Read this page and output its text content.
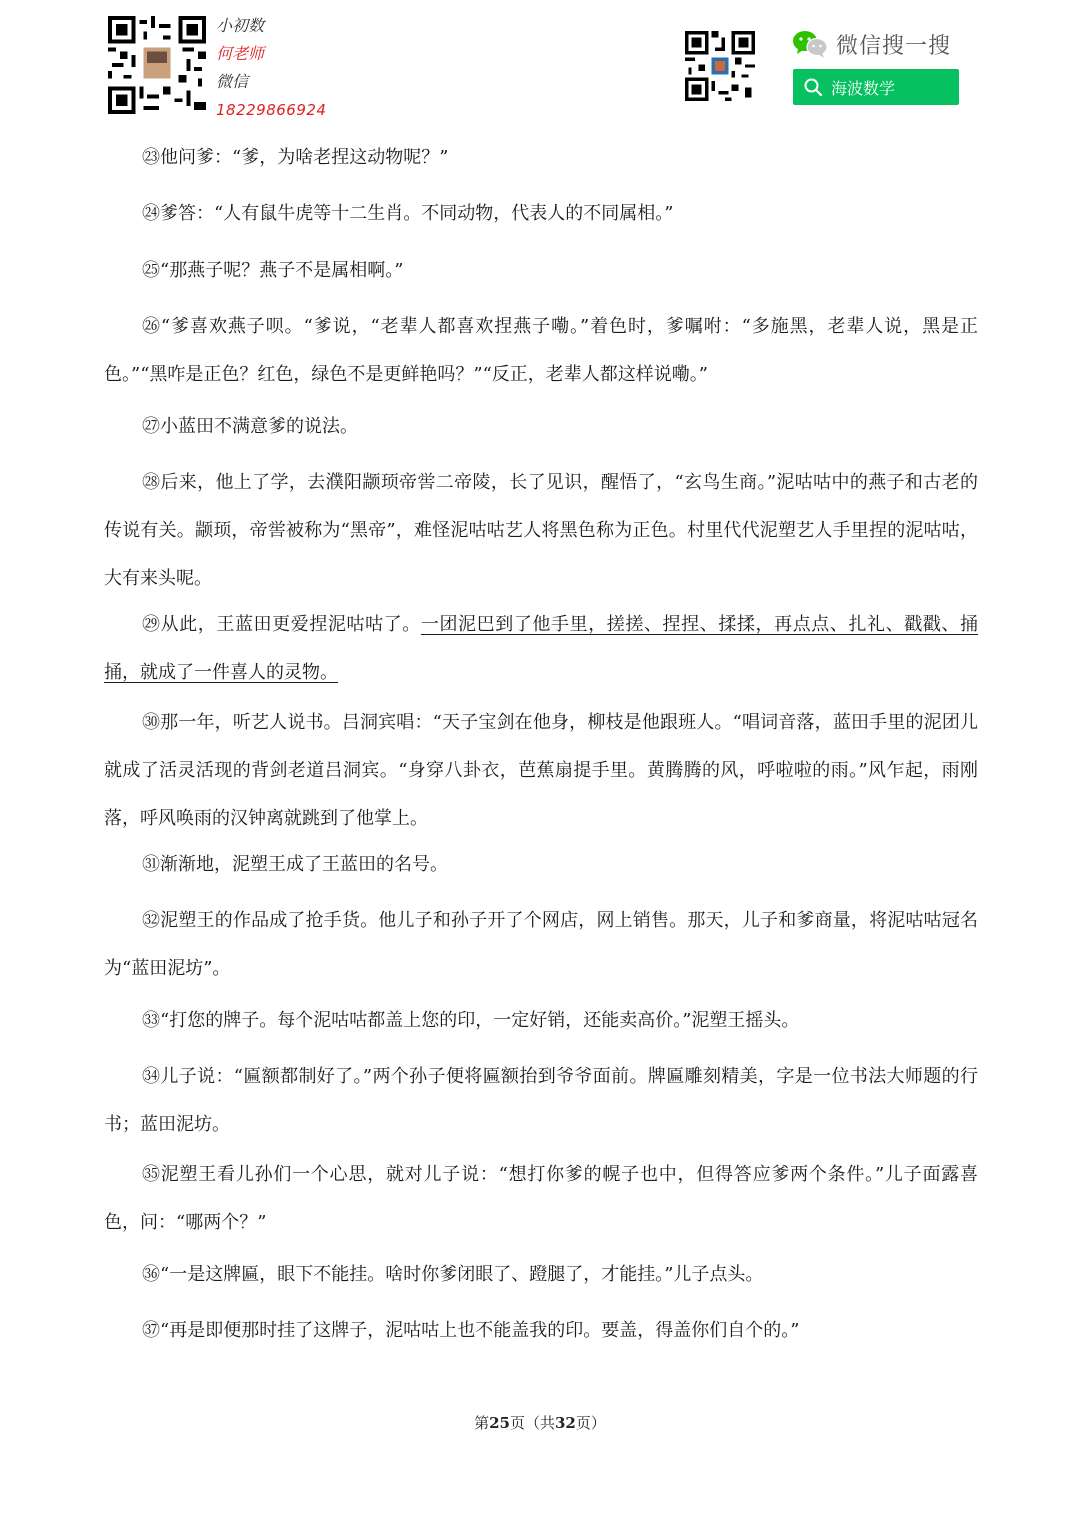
小初数
何老师
微信
18229866924
微信搜一搜
海波数学

㉓他问爹：“爹，为啥老捏这动物呢？”

㉔爹答：“人有鼠牛虎等十二生肖。不同动物，代表人的不同属相。”

㉕“那燕子呢？燕子不是属相啊。”

㉖“爹喜欢燕子呗。“爹说，“老辈人都喜欢捏燕子嘞。”着色时，爹嘱咐：“多施黑，老辈人说，黑是正色。”“黑咋是正色？红色，绿色不是更鲜艳吗？”“反正，老辈人都这样说嘞。”

㉗小蓝田不满意爹的说法。

㉘后来，他上了学，去濮阳颛顼帝喾二帝陵，长了见识，醒悟了，“玄鸟生商。”泥咕咕中的燕子和古老的传说有关。颛顼，帝喾被称为“黑帝”，难怪泥咕咕艺人将黑色称为正色。村里代代泥塑艺人手里捏的泥咕咕，大有来头呢。

㉙从此，王蓝田更爱捏泥咕咕了。一团泥巴到了他手里，搓搓、捏捏、揉揉，再点点、扎礼、戳戳、捅捅，就成了一件喜人的灵物。

㉚那一年，听艺人说书。吕洞宾唱：“天子宝剑在他身，柳枝是他跟班人。“唱词音落，蓝田手里的泥团儿就成了活灵活现的背剑老道吕洞宾。“身穿八卦衣，芭蕉扇提手里。黄腾腾的风，呼啦啦的雨。”风乍起，雨刚落，呼风唤雨的汉钟离就跳到了他掌上。

㉛渐渐地，泥塑王成了王蓝田的名号。

㉜泥塑王的作品成了抢手货。他儿子和孙子开了个网店，网上销售。那天，儿子和爹商量，将泥咕咕冠名为“蓝田泥坊”。

㉝“打您的牌子。每个泥咕咕都盖上您的印，一定好销，还能卖高价。”泥塑王摇头。

㉞儿子说：“匾额都制好了。”两个孙子便将匾额抬到爷爷面前。牌匾雕刻精美，字是一位书法大师题的行书；蓝田泥坊。

㉟泥塑王看儿孙们一个心思，就对儿子说：“想打你爹的幌子也中，但得答应爹两个条件。”儿子面露喜色，问：“哪两个？”

㊱“一是这牌匾，眼下不能挂。啥时你爹闭眼了、蹬腿了，才能挂。”儿子点头。

㊲“再是即便那时挂了这牌子，泥咕咕上也不能盖我的印。要盖，得盖你们自个的。”

第25页（共32页）
